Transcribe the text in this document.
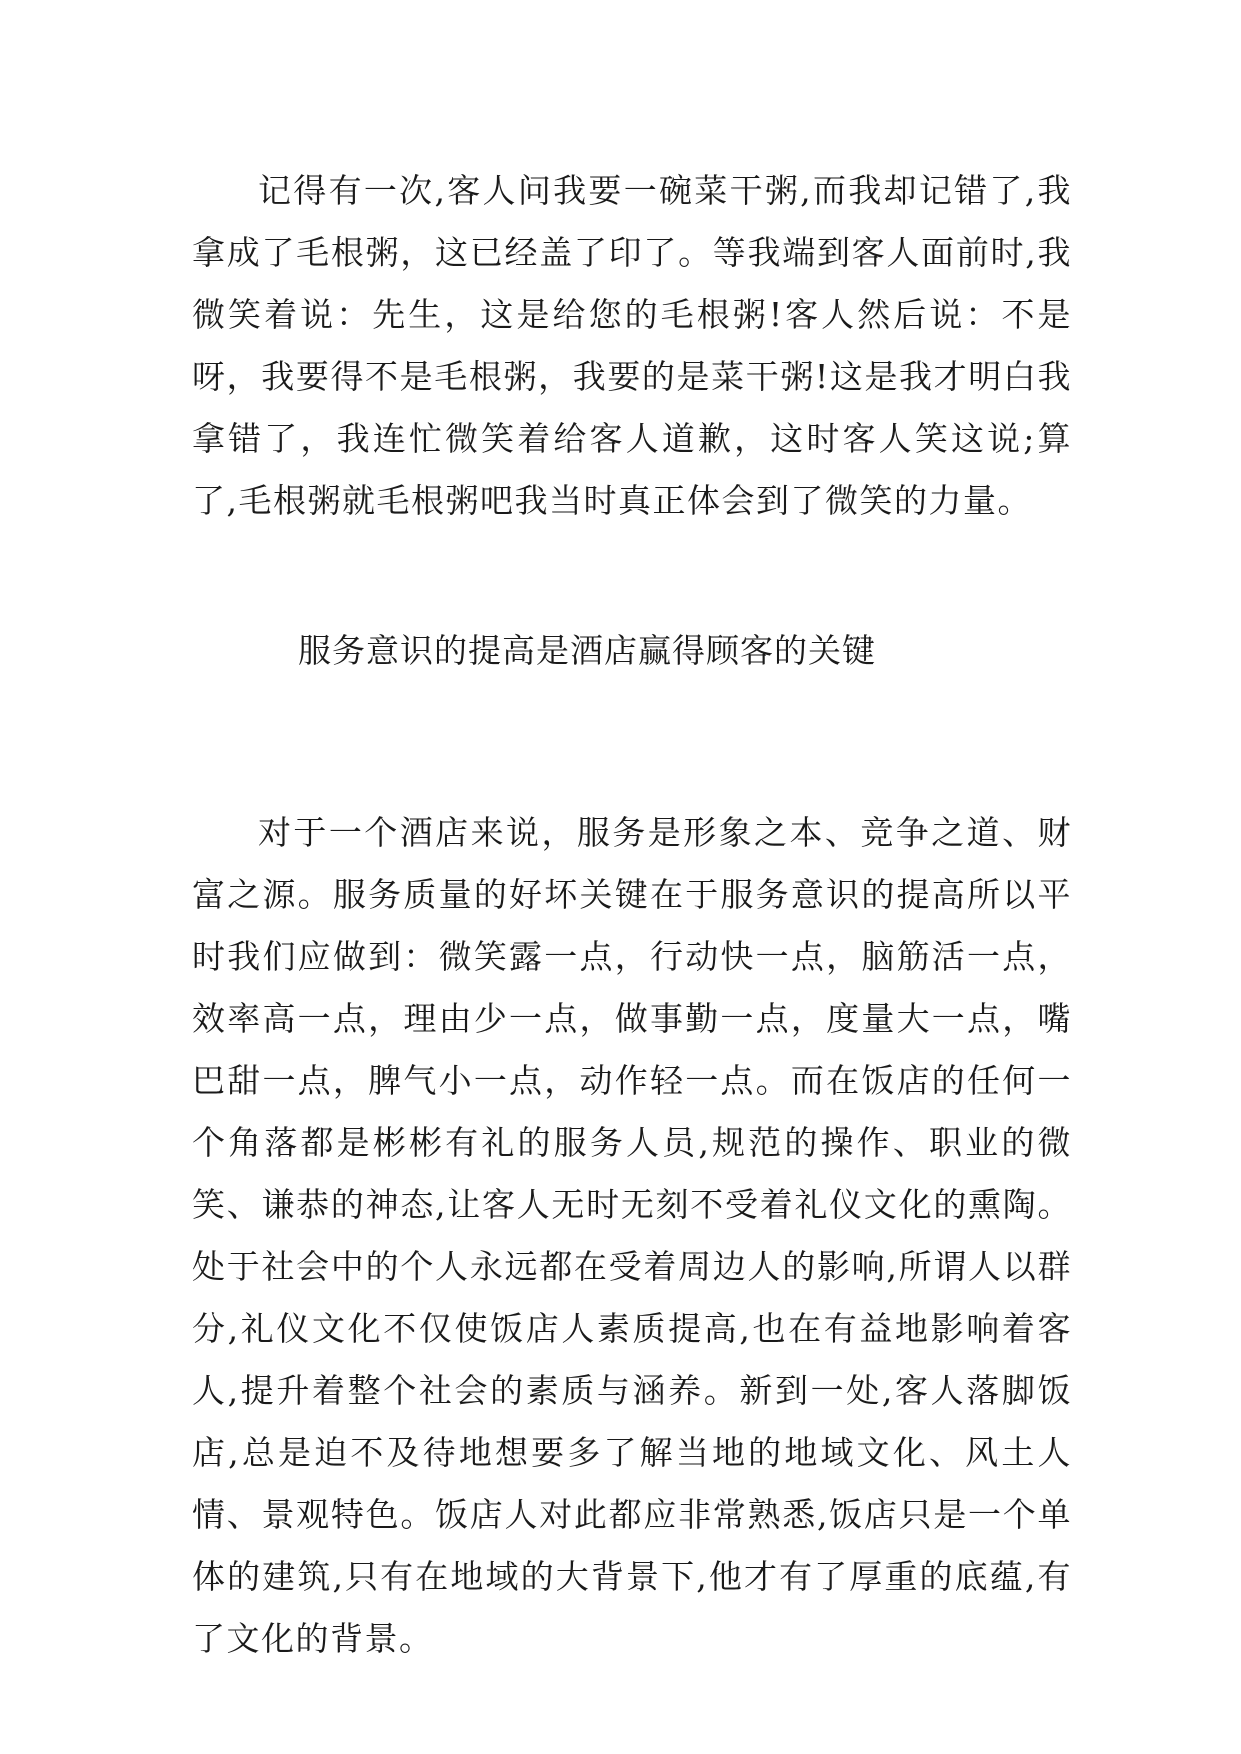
记得有一次,客人问我要一碗菜干粥,而我却记错了,我拿成了毛根粥，这已经盖了印了。等我端到客人面前时,我微笑着说：先生，这是给您的毛根粥!客人然后说：不是呀，我要得不是毛根粥，我要的是菜干粥!这是我才明白我拿错了，我连忙微笑着给客人道歉，这时客人笑这说;算了,毛根粥就毛根粥吧我当时真正体会到了微笑的力量。

服务意识的提高是酒店赢得顾客的关键

对于一个酒店来说，服务是形象之本、竞争之道、财富之源。服务质量的好坏关键在于服务意识的提高所以平时我们应做到：微笑露一点，行动快一点，脑筋活一点，效率高一点，理由少一点，做事勤一点，度量大一点，嘴巴甜一点，脾气小一点，动作轻一点。而在饭店的任何一个角落都是彬彬有礼的服务人员,规范的操作、职业的微笑、谦恭的神态,让客人无时无刻不受着礼仪文化的熏陶。处于社会中的个人永远都在受着周边人的影响,所谓人以群分,礼仪文化不仅使饭店人素质提高,也在有益地影响着客人,提升着整个社会的素质与涵养。新到一处,客人落脚饭店,总是迫不及待地想要多了解当地的地域文化、风土人情、景观特色。饭店人对此都应非常熟悉,饭店只是一个单体的建筑,只有在地域的大背景下,他才有了厚重的底蕴,有了文化的背景。
